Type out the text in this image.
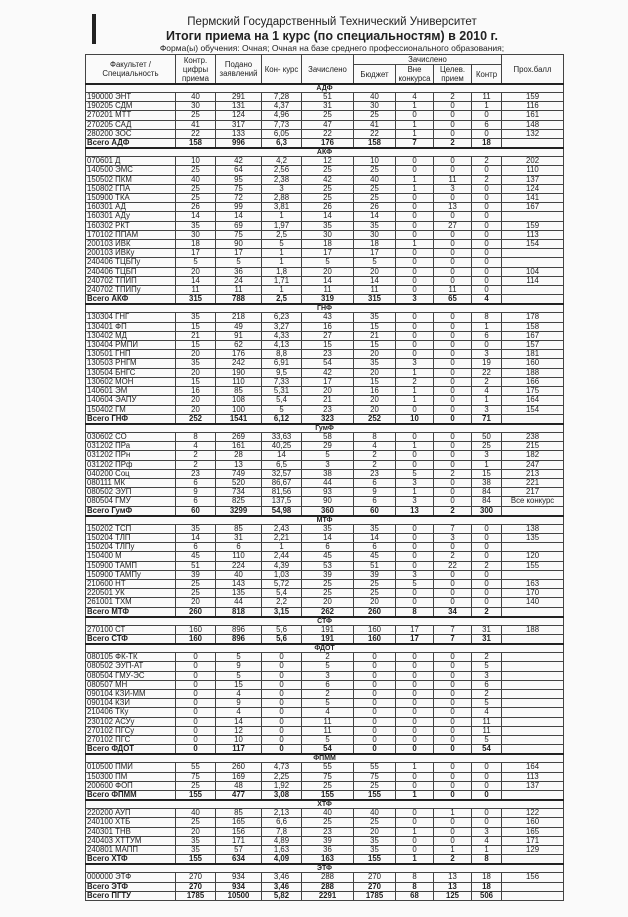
Пермский Государственный Технический Университет
Итоги приема на 1 курс (по специальностям) в 2010 г.
Форма(ы) обучения: Очная; Очная на базе среднего профессионального образования;
Факультет / Специальность	Контр. цифры приема	Подано заявлений	Кон- курс	Зачислено	Зачислено				Прох.балл
					Бюджет	Вне конкурса	Целев. прием	Контр	
АДФ									
190000 ЭНТ	40	291	7,28	51	40	4	2	11	159
190205 СДМ	30	131	4,37	31	30	1	0	1	116
270201 МТТ	25	124	4,96	25	25	0	0	0	161
270205 САД	41	317	7,73	47	41	1	0	6	148
280200 ЗОС	22	133	6,05	22	22	1	0	0	132
Всего АДФ	158	996	6,3	176	158	7	2	18	
АКФ									
070601 Д	10	42	4,2	12	10	0	0	2	202
140500 ЭМС	25	64	2,56	25	25	0	0	0	110
150502 ПКМ	40	95	2,38	42	40	1	11	2	137
150802 ГПА	25	75	3	25	25	1	3	0	124
150900 ТКА	25	72	2,88	25	25	0	0	0	141
160301 АД	26	99	3,81	26	26	0	13	0	167
160301 АДу	14	14	1	14	14	0	0	0	
160302 РКТ	35	69	1,97	35	35	0	27	0	159
170102 ППАМ	30	75	2,5	30	30	0	0	0	113
200103 ИВК	18	90	5	18	18	1	0	0	154
200103 ИВКу	17	17	1	17	17	0	0	0	
240406 ТЦБПу	5	5	1	5	5	0	0	0	
240406 ТЦБП	20	36	1,8	20	20	0	0	0	104
240702 ТПИП	14	24	1,71	14	14	0	0	0	114
240702 ТПИПу	11	11	1	11	11	0	11	0	
Всего АКФ	315	788	2,5	319	315	3	65	4	
ГНФ									
130304 ГНГ	35	218	6,23	43	35	0	0	8	178
130401 ФП	15	49	3,27	16	15	0	0	1	158
130402 МД	21	91	4,33	27	21	0	0	6	167
130404 РМПИ	15	62	4,13	15	15	0	0	0	157
130501 ГНП	20	176	8,8	23	20	0	0	3	181
130503 РНГМ	35	242	6,91	54	35	3	0	19	160
130504 БНГС	20	190	9,5	42	20	1	0	22	188
130602 МОН	15	110	7,33	17	15	2	0	2	166
140601 ЭМ	16	85	5,31	20	16	1	0	4	175
140604 ЭАПУ	20	108	5,4	21	20	1	0	1	164
150402 ГМ	20	100	5	23	20	0	0	3	154
Всего ГНФ	252	1541	6,12	323	252	10	0	71	
ГумФ									
030602 СО	8	269	33,63	58	8	0	0	50	238
031202 ПРа	4	161	40,25	29	4	1	0	25	215
031202 ПРн	2	28	14	5	2	0	0	3	182
031202 ПРф	2	13	6,5	3	2	0	0	1	247
040200 Соц	23	749	32,57	38	23	5	2	15	213
080111 МК	6	520	86,67	44	6	3	0	38	221
080502 ЭУП	9	734	81,56	93	9	1	0	84	217
080504 ГМУ	6	825	137,5	90	6	3	0	84	Все конкурс
Всего ГумФ	60	3299	54,98	360	60	13	2	300	
МТФ									
150202 ТСП	35	85	2,43	35	35	0	7	0	138
150204 ТЛП	14	31	2,21	14	14	0	3	0	135
150204 ТЛПу	6	6	1	6	6	0	0	0	
150400 М	45	110	2,44	45	45	0	2	0	120
150900 ТАМП	51	224	4,39	53	51	0	22	2	155
150900 ТАМПу	39	40	1,03	39	39	3	0	0	
210600 НТ	25	143	5,72	25	25	5	0	0	163
220501 УК	25	135	5,4	25	25	0	0	0	170
261001 ТХМ	20	44	2,2	20	20	0	0	0	140
Всего МТФ	260	818	3,15	262	260	8	34	2	
СТФ									
270100 СТ	160	896	5,6	191	160	17	7	31	188
Всего СТФ	160	896	5,6	191	160	17	7	31	
ФДОТ									
080105 ФК-ТК	0	5	0	2	0	0	0	2	
080502 ЭУП-АТ	0	9	0	5	0	0	0	5	
080504 ГМУ-ЭС	0	5	0	3	0	0	0	3	
080507 МН	0	15	0	6	0	0	0	6	
090104 КЗИ-ММ	0	4	0	2	0	0	0	2	
090104 КЗИ	0	9	0	5	0	0	0	5	
210406 ТКу	0	4	0	4	0	0	0	4	
230102 АСУу	0	14	0	11	0	0	0	11	
270102 ПГСу	0	12	0	11	0	0	0	11	
270102 ПГС	0	10	0	5	0	0	0	5	
Всего ФДОТ	0	117	0	54	0	0	0	54	
ФПММ									
010500 ПМИ	55	260	4,73	55	55	1	0	0	164
150300 ПМ	75	169	2,25	75	75	0	0	0	113
200600 ФОП	25	48	1,92	25	25	0	0	0	137
Всего ФПММ	155	477	3,08	155	155	1	0	0	
ХТФ									
220200 АУП	40	85	2,13	40	40	0	1	0	122
240100 ХТБ	25	165	6,6	25	25	0	0	0	160
240301 ТНВ	20	156	7,8	23	20	1	0	3	165
240403 ХТТУМ	35	171	4,89	39	35	0	0	4	171
240801 МАПП	35	57	1,63	36	35	0	1	1	129
Всего ХТФ	155	634	4,09	163	155	1	2	8	
ЭТФ									
000000 ЭТФ	270	934	3,46	288	270	8	13	18	156
Всего ЭТФ	270	934	3,46	288	270	8	13	18	
Всего ПГТУ	1785	10500	5,82	2291	1785	68	125	506	
